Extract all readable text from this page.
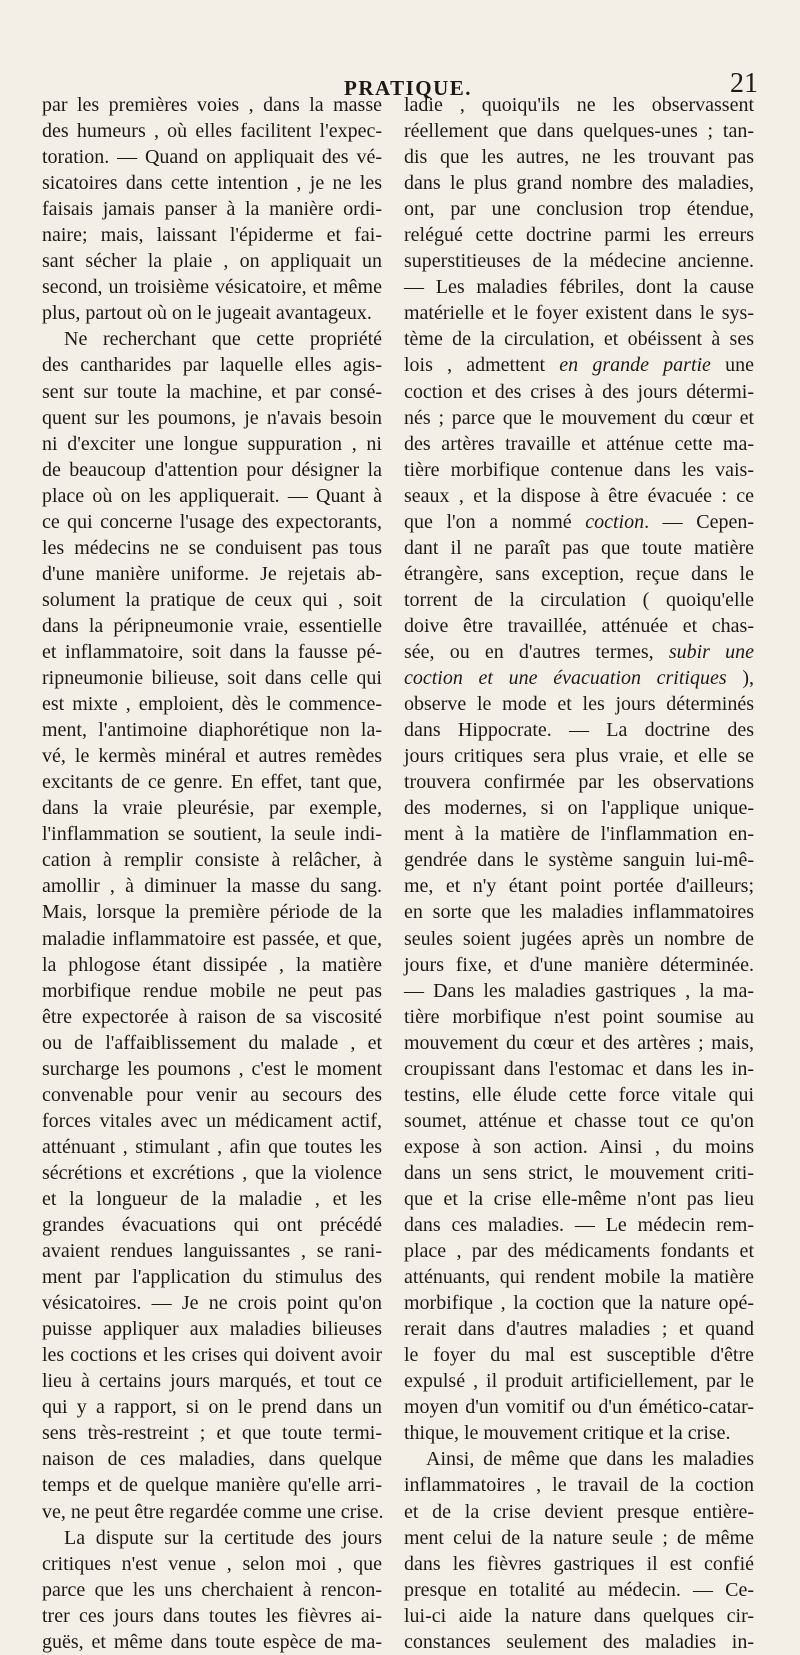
PRATIQUE.	21
par les premières voies , dans la masse
des humeurs , où elles facilitent l'expec-
toration. — Quand on appliquait des vé-
sicatoires dans cette intention , je ne les
faisais jamais panser à la manière ordi-
naire; mais, laissant l'épiderme et fai-
sant sécher la plaie , on appliquait un
second, un troisième vésicatoire, et même
plus, partout où on le jugeait avantageux.
Ne recherchant que cette propriété
des cantharides par laquelle elles agis-
sent sur toute la machine, et par consé-
quent sur les poumons, je n'avais besoin
ni d'exciter une longue suppuration , ni
de beaucoup d'attention pour désigner la
place où on les appliquerait. — Quant à
ce qui concerne l'usage des expectorants,
les médecins ne se conduisent pas tous
d'une manière uniforme. Je rejetais ab-
solument la pratique de ceux qui , soit
dans la péripneumonie vraie, essentielle
et inflammatoire, soit dans la fausse pé-
ripneumonie bilieuse, soit dans celle qui
est mixte , emploient, dès le commence-
ment, l'antimoine diaphorétique non la-
vé, le kermès minéral et autres remèdes
excitants de ce genre. En effet, tant que,
dans la vraie pleurésie, par exemple,
l'inflammation se soutient, la seule indi-
cation à remplir consiste à relâcher, à
amollir , à diminuer la masse du sang.
Mais, lorsque la première période de la
maladie inflammatoire est passée, et que,
la phlogose étant dissipée , la matière
morbifique rendue mobile ne peut pas
être expectorée à raison de sa viscosité
ou de l'affaiblissement du malade , et
surcharge les poumons , c'est le moment
convenable pour venir au secours des
forces vitales avec un médicament actif,
atténuant , stimulant , afin que toutes les
sécrétions et excrétions , que la violence
et la longueur de la maladie , et les
grandes évacuations qui ont précédé
avaient rendues languissantes , se rani-
ment par l'application du stimulus des
vésicatoires. — Je ne crois point qu'on
puisse appliquer aux maladies bilieuses
les coctions et les crises qui doivent avoir
lieu à certains jours marqués, et tout ce
qui y a rapport, si on le prend dans un
sens très-restreint ; et que toute termi-
naison de ces maladies, dans quelque
temps et de quelque manière qu'elle arri-
ve, ne peut être regardée comme une crise.
La dispute sur la certitude des jours
critiques n'est venue , selon moi , que
parce que les uns cherchaient à rencon-
trer ces jours dans toutes les fièvres ai-
guës, et même dans toute espèce de ma-
ladie , quoiqu'ils ne les observassent
réellement que dans quelques-unes ; tan-
dis que les autres, ne les trouvant pas
dans le plus grand nombre des maladies,
ont, par une conclusion trop étendue,
relégué cette doctrine parmi les erreurs
superstitieuses de la médecine ancienne.
— Les maladies fébriles, dont la cause
matérielle et le foyer existent dans le sys-
tème de la circulation, et obéissent à ses
lois , admettent en grande partie une
coction et des crises à des jours détermi-
nés ; parce que le mouvement du cœur et
des artères travaille et atténue cette ma-
tière morbifique contenue dans les vais-
seaux , et la dispose à être évacuée : ce
que l'on a nommé coction. — Cepen-
dant il ne paraît pas que toute matière
étrangère, sans exception, reçue dans le
torrent de la circulation ( quoiqu'elle
doive être travaillée, atténuée et chas-
sée, ou en d'autres termes, subir une
coction et une évacuation critiques ),
observe le mode et les jours déterminés
dans Hippocrate. — La doctrine des
jours critiques sera plus vraie, et elle se
trouvera confirmée par les observations
des modernes, si on l'applique unique-
ment à la matière de l'inflammation en-
gendrée dans le système sanguin lui-mê-
me, et n'y étant point portée d'ailleurs;
en sorte que les maladies inflammatoires
seules soient jugées après un nombre de
jours fixe, et d'une manière déterminée.
— Dans les maladies gastriques , la ma-
tière morbifique n'est point soumise au
mouvement du cœur et des artères ; mais,
croupissant dans l'estomac et dans les in-
testins, elle élude cette force vitale qui
soumet, atténue et chasse tout ce qu'on
expose à son action. Ainsi , du moins
dans un sens strict, le mouvement criti-
que et la crise elle-même n'ont pas lieu
dans ces maladies. — Le médecin rem-
place , par des médicaments fondants et
atténuants, qui rendent mobile la matière
morbifique , la coction que la nature opé-
rerait dans d'autres maladies ; et quand
le foyer du mal est susceptible d'être
expulsé , il produit artificiellement, par le
moyen d'un vomitif ou d'un émético-catar-
thique, le mouvement critique et la crise.
Ainsi, de même que dans les maladies
inflammatoires , le travail de la coction
et de la crise devient presque entière-
ment celui de la nature seule ; de même
dans les fièvres gastriques il est confié
presque en totalité au médecin. — Ce-
lui-ci aide la nature dans quelques cir-
constances seulement des maladies in-
